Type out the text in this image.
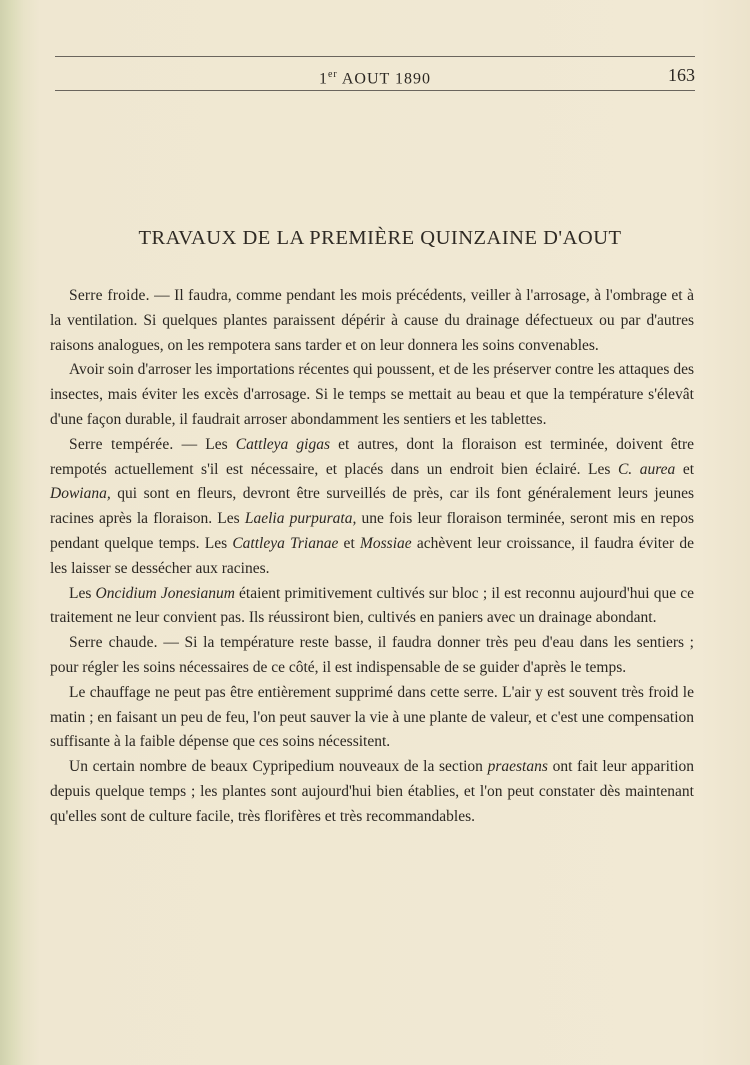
1er AOUT 1890	163
TRAVAUX DE LA PREMIÈRE QUINZAINE D'AOUT

Serre froide. — Il faudra, comme pendant les mois précédents, veiller à l'arrosage, à l'ombrage et à la ventilation. Si quelques plantes paraissent dépérir à cause du drainage défectueux ou par d'autres raisons analogues, on les rempotera sans tarder et on leur donnera les soins convenables.

Avoir soin d'arroser les importations récentes qui poussent, et de les préserver contre les attaques des insectes, mais éviter les excès d'arrosage. Si le temps se mettait au beau et que la température s'élevât d'une façon durable, il faudrait arroser abondamment les sentiers et les tablettes.

Serre tempérée. — Les Cattleya gigas et autres, dont la floraison est terminée, doivent être rempotés actuellement s'il est nécessaire, et placés dans un endroit bien éclairé. Les C. aurea et Dowiana, qui sont en fleurs, devront être surveillés de près, car ils font généralement leurs jeunes racines après la floraison. Les Laelia purpurata, une fois leur floraison terminée, seront mis en repos pendant quelque temps. Les Cattleya Trianae et Mossiae achèvent leur croissance, il faudra éviter de les laisser se dessécher aux racines.

Les Oncidium Jonesianum étaient primitivement cultivés sur bloc ; il est reconnu aujourd'hui que ce traitement ne leur convient pas. Ils réussiront bien, cultivés en paniers avec un drainage abondant.

Serre chaude. — Si la température reste basse, il faudra donner très peu d'eau dans les sentiers ; pour régler les soins nécessaires de ce côté, il est indispensable de se guider d'après le temps.

Le chauffage ne peut pas être entièrement supprimé dans cette serre. L'air y est souvent très froid le matin ; en faisant un peu de feu, l'on peut sauver la vie à une plante de valeur, et c'est une compensation suffisante à la faible dépense que ces soins nécessitent.

Un certain nombre de beaux Cypripedium nouveaux de la section praestans ont fait leur apparition depuis quelque temps ; les plantes sont aujourd'hui bien établies, et l'on peut constater dès maintenant qu'elles sont de culture facile, très florifères et très recommandables.
